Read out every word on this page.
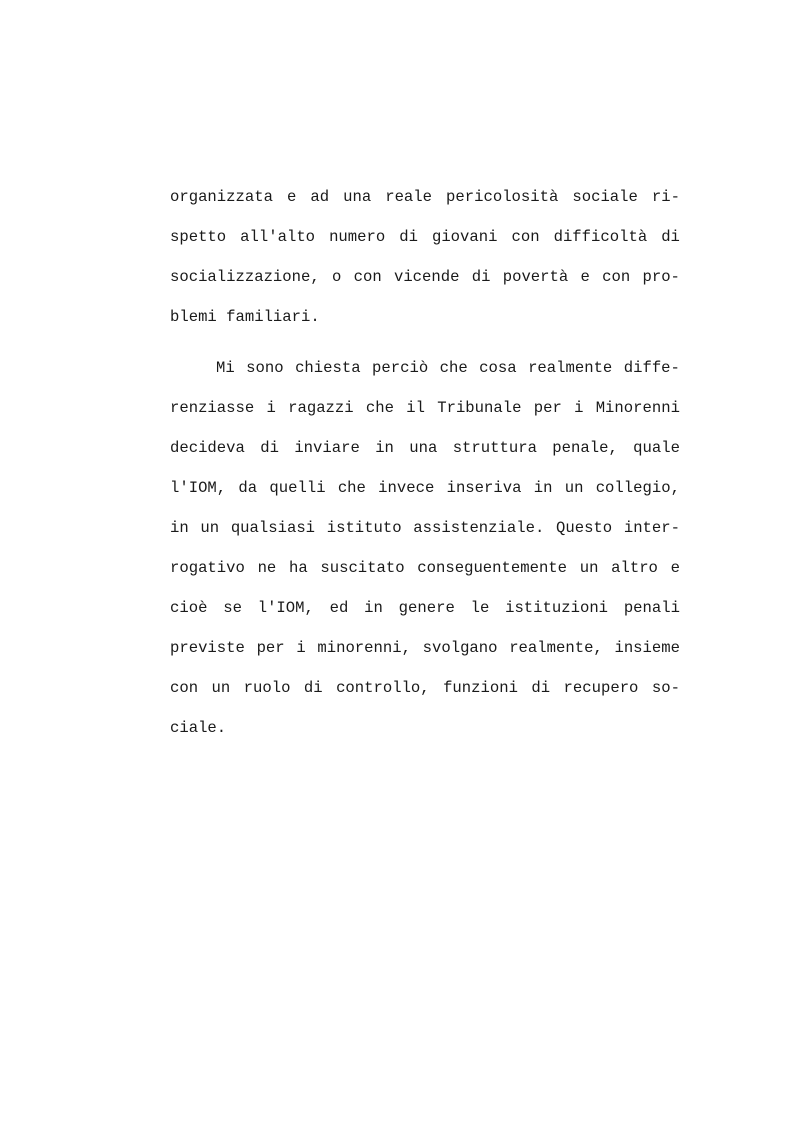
organizzata e ad una reale pericolosità sociale ri-
spetto all'alto numero di giovani con difficoltà di
socializzazione, o con vicende di povertà e con pro-
blemi familiari.
Mi sono chiesta perciò che cosa realmente diffe-
renziasse i ragazzi che il Tribunale per i Minorenni
decideva di inviare in una struttura penale, quale
l'IOM, da quelli che invece inseriva in un collegio,
in un qualsiasi istituto assistenziale. Questo inter-
rogativo ne ha suscitato conseguentemente un altro e
cioè se l'IOM, ed in genere le istituzioni penali
previste per i minorenni, svolgano realmente, insieme
con un ruolo di controllo, funzioni di recupero so-
ciale.
